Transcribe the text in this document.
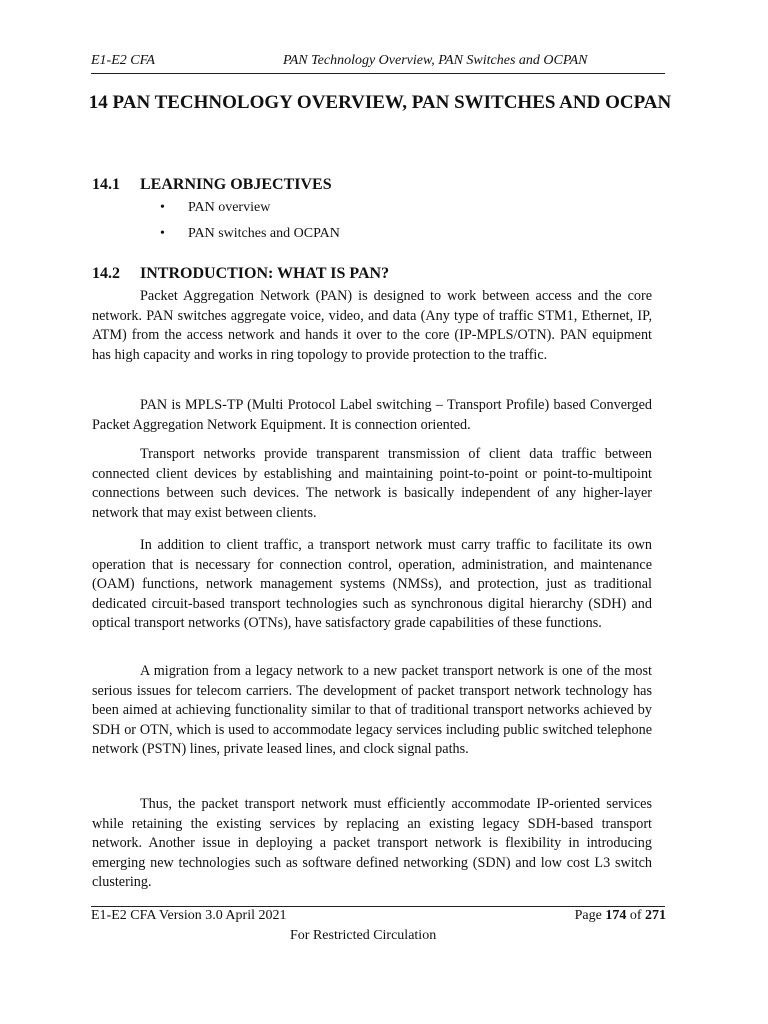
E1-E2 CFA	PAN Technology Overview, PAN Switches and OCPAN
14 PAN TECHNOLOGY OVERVIEW, PAN SWITCHES AND OCPAN
14.1 LEARNING OBJECTIVES
• PAN overview
• PAN switches and OCPAN
14.2 INTRODUCTION: WHAT IS PAN?

Packet Aggregation Network (PAN) is designed to work between access and the core network. PAN switches aggregate voice, video, and data (Any type of traffic STM1, Ethernet, IP, ATM) from the access network and hands it over to the core (IP-MPLS/OTN). PAN equipment has high capacity and works in ring topology to provide protection to the traffic.

PAN is MPLS-TP (Multi Protocol Label switching – Transport Profile) based Converged Packet Aggregation Network Equipment. It is connection oriented.

Transport networks provide transparent transmission of client data traffic between connected client devices by establishing and maintaining point-to-point or point-to-multipoint connections between such devices. The network is basically independent of any higher-layer network that may exist between clients.

In addition to client traffic, a transport network must carry traffic to facilitate its own operation that is necessary for connection control, operation, administration, and maintenance (OAM) functions, network management systems (NMSs), and protection, just as traditional dedicated circuit-based transport technologies such as synchronous digital hierarchy (SDH) and optical transport networks (OTNs), have satisfactory grade capabilities of these functions.

A migration from a legacy network to a new packet transport network is one of the most serious issues for telecom carriers. The development of packet transport network technology has been aimed at achieving functionality similar to that of traditional transport networks achieved by SDH or OTN, which is used to accommodate legacy services including public switched telephone network (PSTN) lines, private leased lines, and clock signal paths.

Thus, the packet transport network must efficiently accommodate IP-oriented services while retaining the existing services by replacing an existing legacy SDH-based transport network. Another issue in deploying a packet transport network is flexibility in introducing emerging new technologies such as software defined networking (SDN) and low cost L3 switch clustering.

E1-E2 CFA Version 3.0 April 2021	Page 174 of 271
For Restricted Circulation
